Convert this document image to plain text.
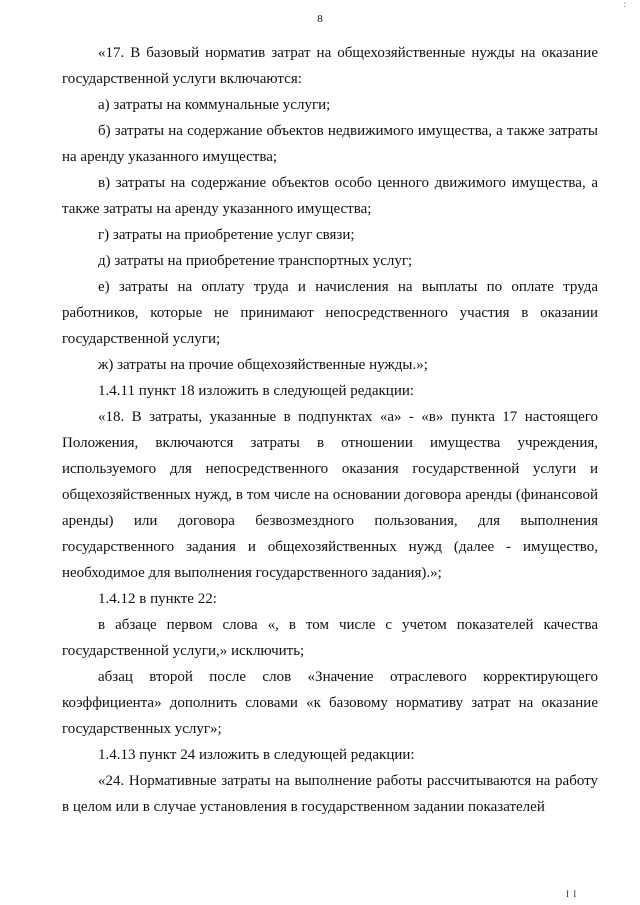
:
8

«17. В базовый норматив затрат на общехозяйственные нужды на оказание государственной услуги включаются:

а) затраты на коммунальные услуги;

б) затраты на содержание объектов недвижимого имущества, а также затраты на аренду указанного имущества;

в) затраты на содержание объектов особо ценного движимого имущества, а также затраты на аренду указанного имущества;

г) затраты на приобретение услуг связи;

д) затраты на приобретение транспортных услуг;

е) затраты на оплату труда и начисления на выплаты по оплате труда работников, которые не принимают непосредственного участия в оказании государственной услуги;

ж) затраты на прочие общехозяйственные нужды.»;

1.4.11 пункт 18 изложить в следующей редакции:

«18. В затраты, указанные в подпунктах «а» - «в» пункта 17 настоящего Положения, включаются затраты в отношении имущества учреждения, используемого для непосредственного оказания государственной услуги и общехозяйственных нужд, в том числе на основании договора аренды (финансовой аренды) или договора безвозмездного пользования, для выполнения государственного задания и общехозяйственных нужд (далее - имущество, необходимое для выполнения государственного задания).»;

1.4.12 в пункте 22:

в абзаце первом слова «, в том числе с учетом показателей качества государственной услуги,» исключить;

абзац второй после слов «Значение отраслевого корректирующего коэффициента» дополнить словами «к базовому нормативу затрат на оказание государственных услуг»;

1.4.13 пункт 24 изложить в следующей редакции:

«24. Нормативные затраты на выполнение работы рассчитываются на работу в целом или в случае установления в государственном задании показателей

I I
